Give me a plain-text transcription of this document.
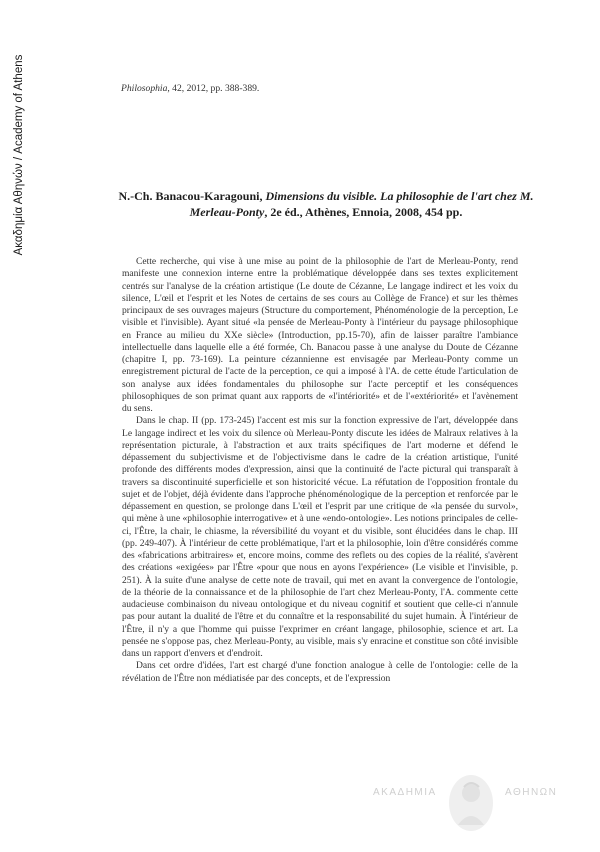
Ακαδημία Αθηνών / Academy of Athens	Philosophia, 42, 2012, pp. 388-389.
N.-Ch. Banacou-Karagouni, Dimensions du visible. La philosophie de l'art chez M. Merleau-Ponty, 2e éd., Athènes, Ennoia, 2008, 454 pp.

Cette recherche, qui vise à une mise au point de la philosophie de l'art de Merleau-Ponty, rend manifeste une connexion interne entre la problématique développée dans ses textes explicitement centrés sur l'analyse de la création artistique (Le doute de Cézanne, Le langage indirect et les voix du silence, L'œil et l'esprit et les Notes de certains de ses cours au Collège de France) et sur les thèmes principaux de ses ouvrages majeurs (Structure du comportement, Phénoménologie de la perception, Le visible et l'invisible). Ayant situé «la pensée de Merleau-Ponty à l'intérieur du paysage philosophique en France au milieu du XXe siècle» (Introduction, pp.15-70), afin de laisser paraître l'ambiance intellectuelle dans laquelle elle a été formée, Ch. Banacou passe à une analyse du Doute de Cézanne (chapitre I, pp. 73-169). La peinture cézannienne est envisagée par Merleau-Ponty comme un enregistrement pictural de l'acte de la perception, ce qui a imposé à l'A. de cette étude l'articulation de son analyse aux idées fondamentales du philosophe sur l'acte perceptif et les conséquences philosophiques de son primat quant aux rapports de «l'intériorité» et de l'«extériorité» et l'avènement du sens.

Dans le chap. II (pp. 173-245) l'accent est mis sur la fonction expressive de l'art, développée dans Le langage indirect et les voix du silence où Merleau-Ponty discute les idées de Malraux relatives à la représentation picturale, à l'abstraction et aux traits spécifiques de l'art moderne et défend le dépassement du subjectivisme et de l'objectivisme dans le cadre de la création artistique, l'unité profonde des différents modes d'expression, ainsi que la continuité de l'acte pictural qui transparaît à travers sa discontinuité superficielle et son historicité vécue. La réfutation de l'opposition frontale du sujet et de l'objet, déjà évidente dans l'approche phénoménologique de la perception et renforcée par le dépassement en question, se prolonge dans L'œil et l'esprit par une critique de «la pensée du survol», qui mène à une «philosophie interrogative» et à une «endo-ontologie». Les notions principales de celle-ci, l'Être, la chair, le chiasme, la réversibilité du voyant et du visible, sont élucidées dans le chap. III (pp. 249-407). À l'intérieur de cette problématique, l'art et la philosophie, loin d'être considérés comme des «fabrications arbitraires» et, encore moins, comme des reflets ou des copies de la réalité, s'avèrent des créations «exigées» par l'Être «pour que nous en ayons l'expérience» (Le visible et l'invisible, p. 251). À la suite d'une analyse de cette note de travail, qui met en avant la convergence de l'ontologie, de la théorie de la connaissance et de la philosophie de l'art chez Merleau-Ponty, l'A. commente cette audacieuse combinaison du niveau ontologique et du niveau cognitif et soutient que celle-ci n'annule pas pour autant la dualité de l'être et du connaître et la responsabilité du sujet humain. À l'intérieur de l'Être, il n'y a que l'homme qui puisse l'exprimer en créant langage, philosophie, science et art. La pensée ne s'oppose pas, chez Merleau-Ponty, au visible, mais s'y enracine et constitue son côté invisible dans un rapport d'envers et d'endroit.

Dans cet ordre d'idées, l'art est chargé d'une fonction analogue à celle de l'ontologie: celle de la révélation de l'Être non médiatisée par des concepts, et de l'expression

ΑΚΑΔΗΜΙΑ	ΑΘΗΝΩΝ
